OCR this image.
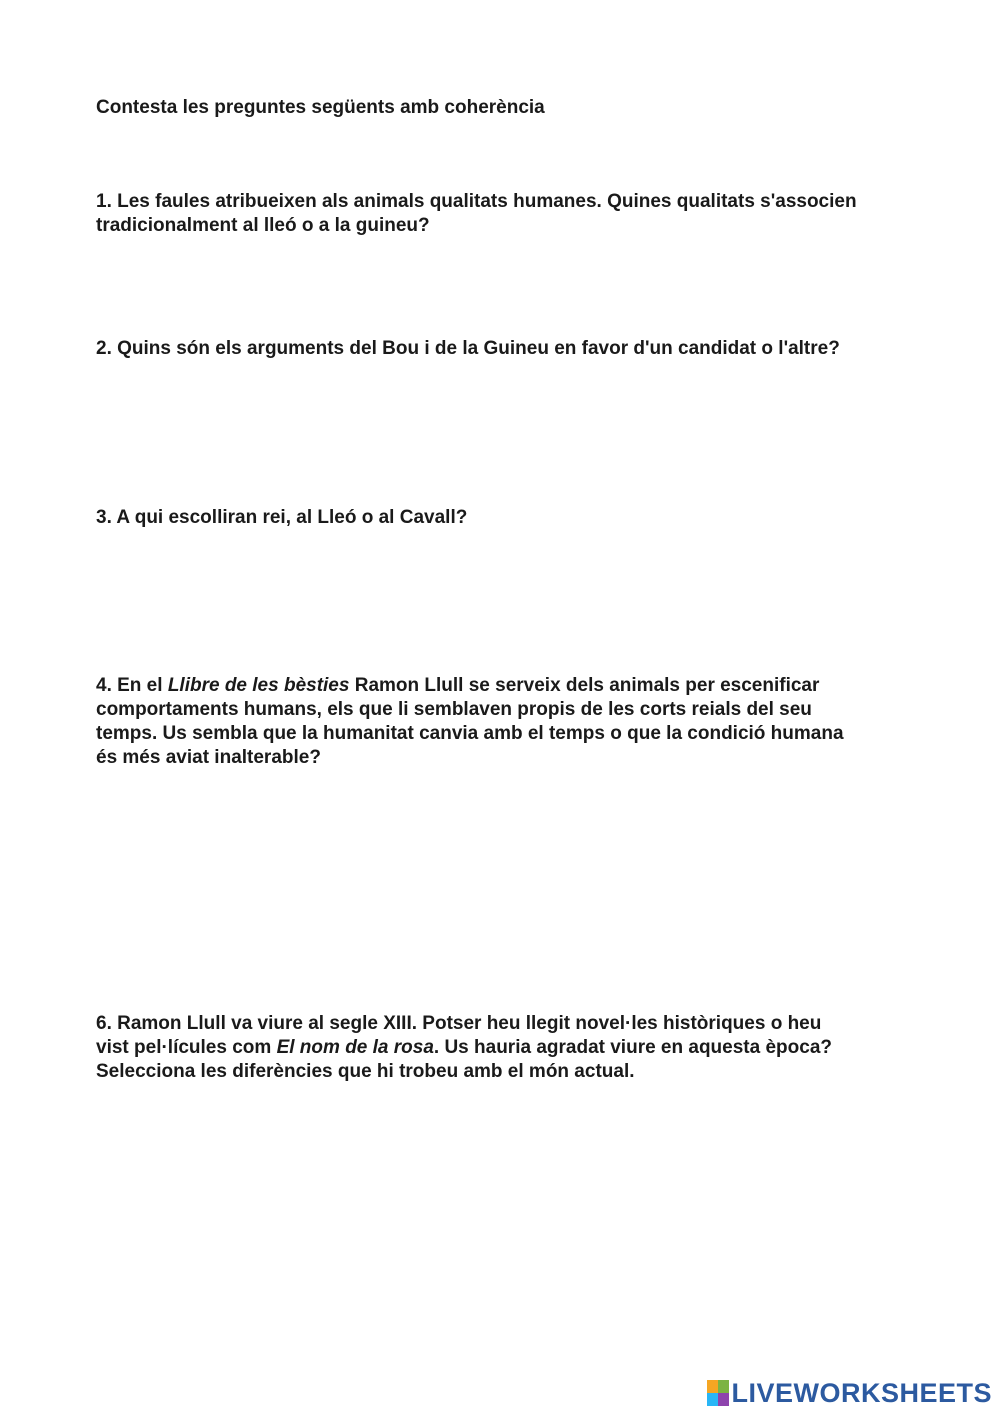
Contesta les preguntes següents amb coherència
1. Les faules atribueixen als animals qualitats humanes. Quines qualitats s'associen
tradicionalment al lleó o a la guineu?
2. Quins són els arguments del Bou i de la Guineu en favor d'un candidat o l'altre?
3. A qui escolliran rei, al Lleó o al Cavall?
4. En el Llibre de les bèsties Ramon Llull se serveix dels animals per escenificar
comportaments humans, els que li semblaven propis de les corts reials del seu
temps. Us sembla que la humanitat canvia amb el temps o que la condició humana
és més aviat inalterable?
6. Ramon Llull va viure al segle XIII. Potser heu llegit novel·les històriques o heu
vist pel·lícules com El nom de la rosa. Us hauria agradat viure en aquesta època?
Selecciona les diferències que hi trobeu amb el món actual.
LIVEWORKSHEETS
